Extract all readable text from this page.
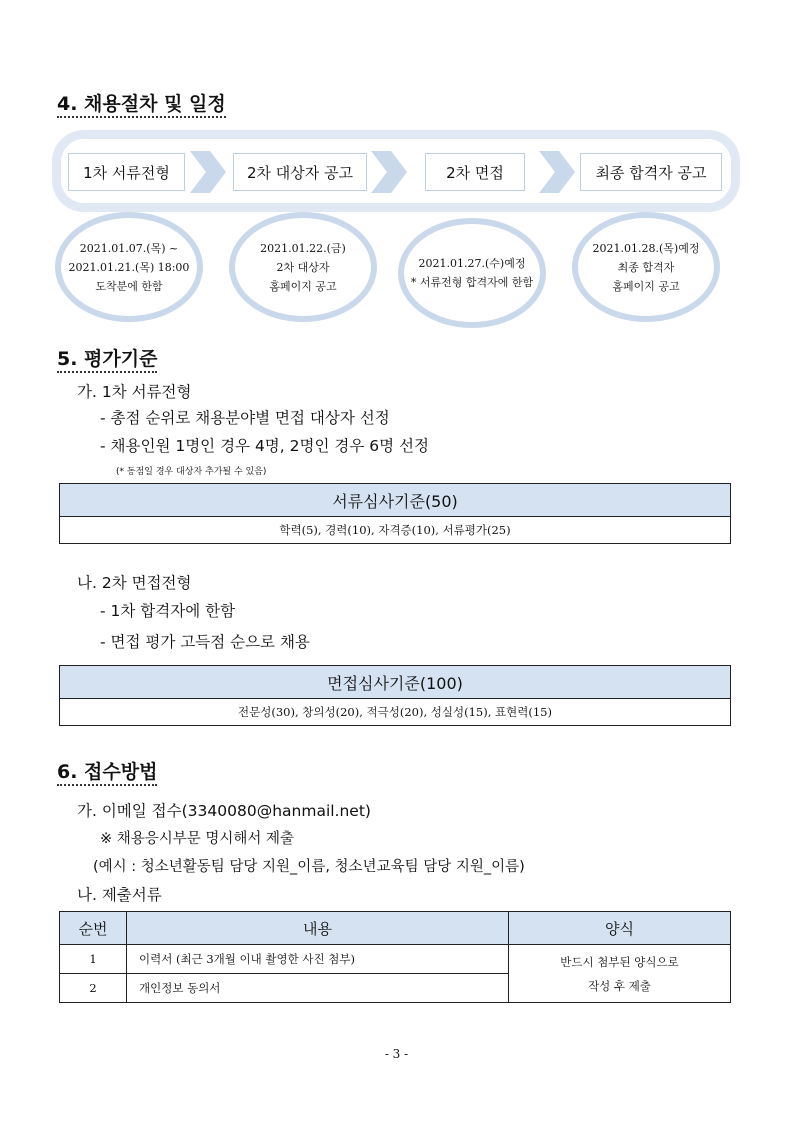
4. 채용절차 및 일정
1차 서류전형	2차 대상자 공고	2차 면접	최종 합격자 공고
2021.01.07.(목) ~
2021.01.21.(목) 18:00
도착분에 한함
2021.01.22.(금)
2차 대상자
홈페이지 공고
2021.01.27.(수)예정
* 서류전형 합격자에 한함
2021.01.28.(목)예정
최종 합격자
홈페이지 공고
5. 평가기준
가. 1차 서류전형
- 총점 순위로 채용분야별 면접 대상자 선정
- 채용인원 1명인 경우 4명, 2명인 경우 6명 선정
(* 동점일 경우 대상자 추가될 수 있음)
서류심사기준(50)
학력(5), 경력(10), 자격증(10), 서류평가(25)
나. 2차 면접전형
- 1차 합격자에 한함
- 면접 평가 고득점 순으로 채용
면접심사기준(100)
전문성(30), 창의성(20), 적극성(20), 성실성(15), 표현력(15)
6. 접수방법
가. 이메일 접수(3340080@hanmail.net)
※ 채용응시부문 명시해서 제출
(예시 : 청소년활동팀 담당 지원_이름, 청소년교육팀 담당 지원_이름)
나. 제출서류
순번	내용	양식
1	이력서 (최근 3개월 이내 촬영한 사진 첨부)	반드시 첨부된 양식으로
작성 후 제출

2	개인정보 동의서	
- 3 -
